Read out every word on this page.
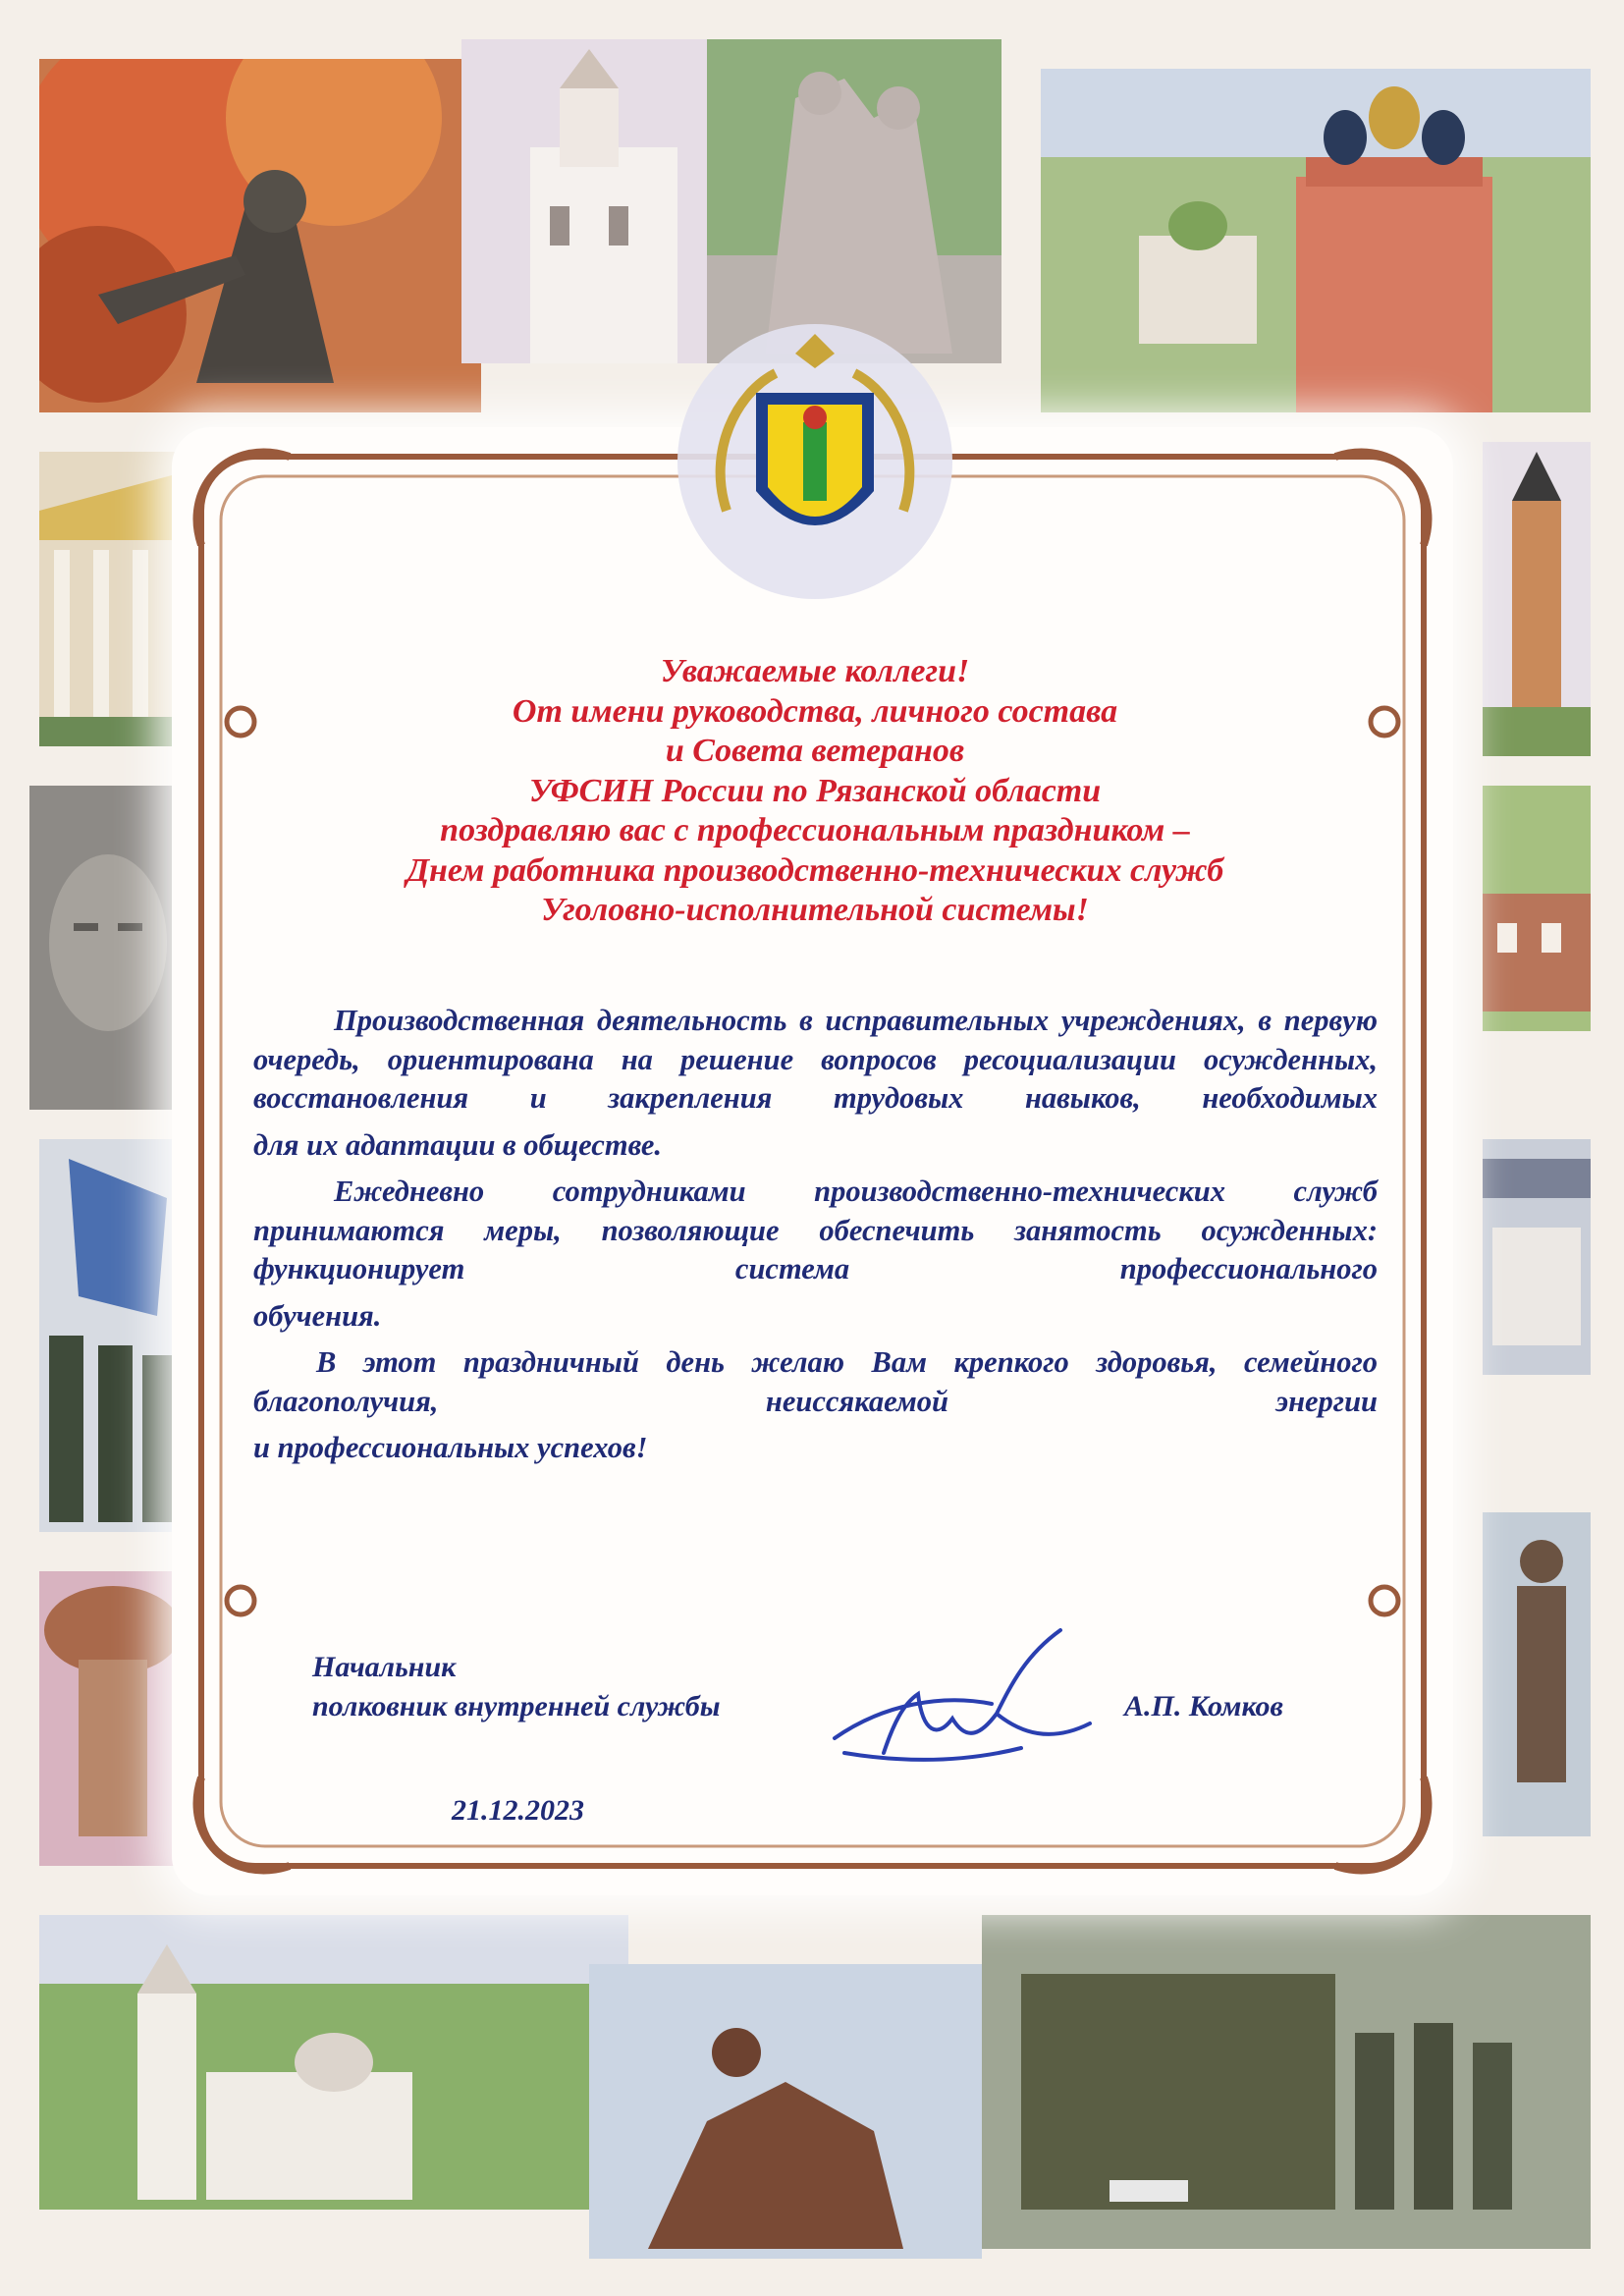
Уважаемые коллеги!
От имени руководства, личного состава
и Совета ветеранов
УФСИН России по Рязанской области
поздравляю вас с профессиональным праздником –
Днем работника производственно-технических служб
Уголовно-исполнительной системы!

Производственная деятельность в исправительных учреждениях, в первую очередь, ориентирована на решение вопросов ресоциализации осужденных, восстановления и закрепления трудовых навыков, необходимых

для их адаптации в обществе.

Ежедневно сотрудниками производственно-технических служб принимаются меры, позволяющие обеспечить занятость осужденных: функционирует система профессионального

обучения.

В этот праздничный день желаю Вам крепкого здоровья, семейного благополучия, неиссякаемой энергии

и профессиональных успехов!

Начальник
полковник внутренней службы	А.П. Комков
21.12.2023
